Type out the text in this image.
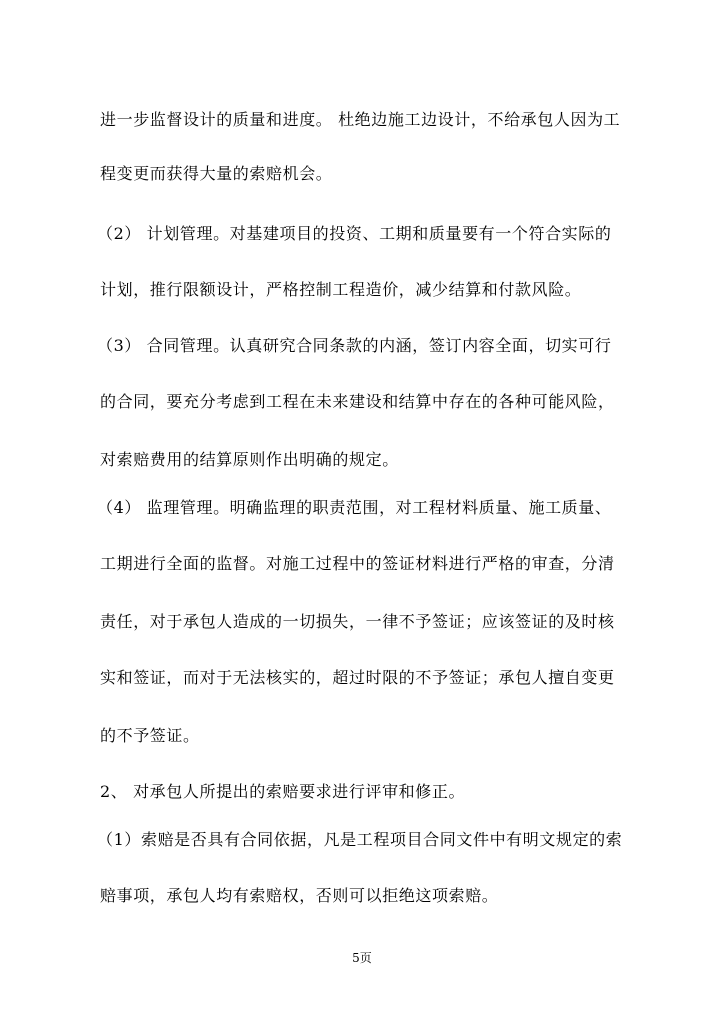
进一步监督设计的质量和进度。 杜绝边施工边设计，不给承包人因为工
程变更而获得大量的索赔机会。
（2） 计划管理。对基建项目的投资、工期和质量要有一个符合实际的
计划，推行限额设计，严格控制工程造价，减少结算和付款风险。
（3） 合同管理。认真研究合同条款的内涵，签订内容全面，切实可行
的合同，要充分考虑到工程在未来建设和结算中存在的各种可能风险，
对索赔费用的结算原则作出明确的规定。
（4） 监理管理。明确监理的职责范围，对工程材料质量、施工质量、
工期进行全面的监督。对施工过程中的签证材料进行严格的审查，分清
责任，对于承包人造成的一切损失，一律不予签证；应该签证的及时核
实和签证，而对于无法核实的，超过时限的不予签证；承包人擅自变更
的不予签证。
2、 对承包人所提出的索赔要求进行评审和修正。
（1）索赔是否具有合同依据，凡是工程项目合同文件中有明文规定的索
赔事项，承包人均有索赔权，否则可以拒绝这项索赔。
5页
